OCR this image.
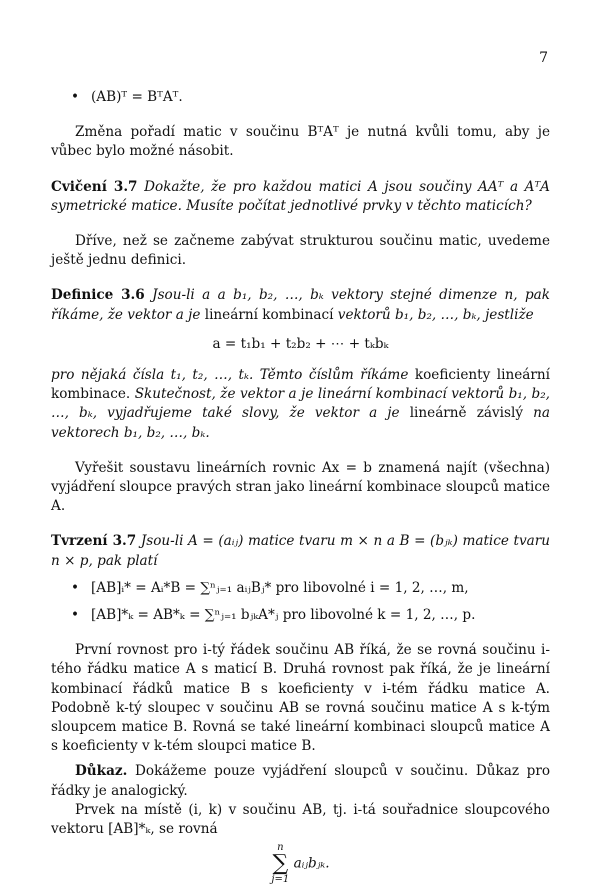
7

• (AB)ᵀ = BᵀAᵀ.

Změna pořadí matic v součinu BᵀAᵀ je nutná kvůli tomu, aby je vůbec bylo možné násobit.

Cvičení 3.7 Dokažte, že pro každou matici A jsou součiny AAᵀ a AᵀA symetrické matice. Musíte počítat jednotlivé prvky v těchto maticích?

Dříve, než se začneme zabývat strukturou součinu matic, uvedeme ještě jednu definici.

Definice 3.6 Jsou-li a a b₁, b₂, …, bₖ vektory stejné dimenze n, pak říkáme, že vektor a je lineární kombinací vektorů b₁, b₂, …, bₖ, jestliže

a = t₁b₁ + t₂b₂ + ⋯ + tₖbₖ

pro nějaká čísla t₁, t₂, …, tₖ. Těmto číslům říkáme koeficienty lineární kombinace. Skutečnost, že vektor a je lineární kombinací vektorů b₁, b₂, …, bₖ, vyjadřujeme také slovy, že vektor a je lineárně závislý na vektorech b₁, b₂, …, bₖ.

Vyřešit soustavu lineárních rovnic Ax = b znamená najít (všechna) vyjádření sloupce pravých stran jako lineární kombinace sloupců matice A.

Tvrzení 3.7 Jsou-li A = (aᵢⱼ) matice tvaru m × n a B = (bⱼₖ) matice tvaru n × p, pak platí

• [AB]ᵢ* = Aᵢ*B = ∑ⁿⱼ₌₁ aᵢⱼBⱼ* pro libovolné i = 1, 2, …, m,

• [AB]*ₖ = AB*ₖ = ∑ⁿⱼ₌₁ bⱼₖA*ⱼ pro libovolné k = 1, 2, …, p.

První rovnost pro i-tý řádek součinu AB říká, že se rovná součinu i-tého řádku matice A s maticí B. Druhá rovnost pak říká, že je lineární kombinací řádků matice B s koeficienty v i-tém řádku matice A. Podobně k-tý sloupec v součinu AB se rovná součinu matice A s k-tým sloupcem matice B. Rovná se také lineární kombinaci sloupců matice A s koeficienty v k-tém sloupci matice B.

Důkaz. Dokážeme pouze vyjádření sloupců v součinu. Důkaz pro řádky je analogický.

Prvek na místě (i, k) v součinu AB, tj. i-tá souřadnice sloupcového vektoru [AB]*ₖ, se rovná

n
∑
j=1
aᵢⱼbⱼₖ.
